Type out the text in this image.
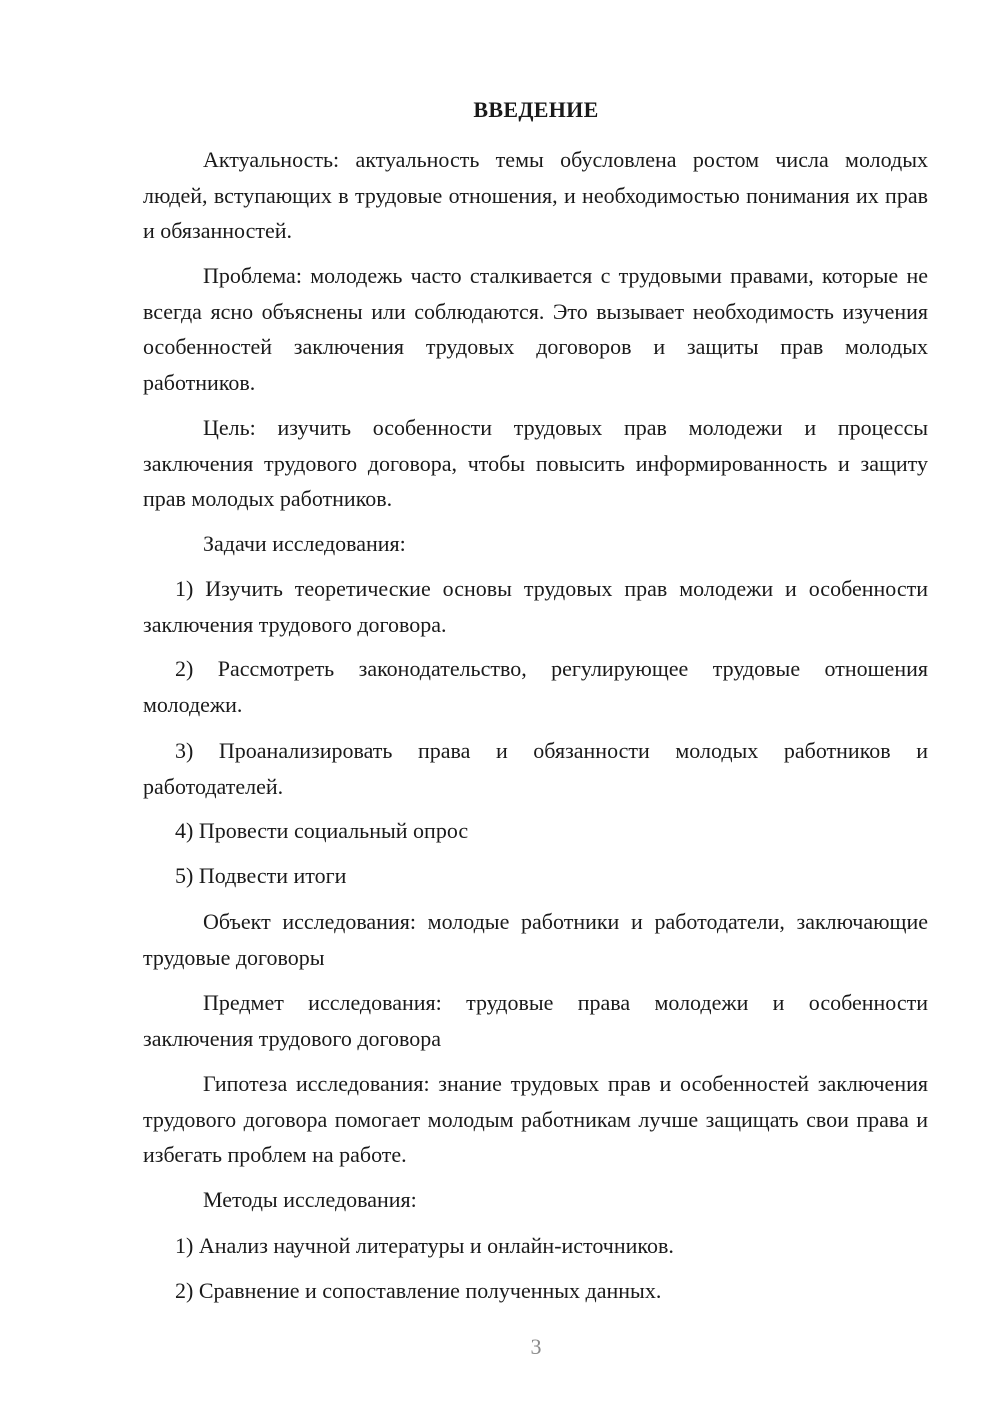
ВВЕДЕНИЕ

Актуальность: актуальность темы обусловлена ростом числа молодых людей, вступающих в трудовые отношения, и необходимостью понимания их прав и обязанностей.

Проблема: молодежь часто сталкивается с трудовыми правами, которые не всегда ясно объяснены или соблюдаются. Это вызывает необходимость изучения особенностей заключения трудовых договоров и защиты прав молодых работников.

Цель: изучить особенности трудовых прав молодежи и процессы заключения трудового договора, чтобы повысить информированность и защиту прав молодых работников.

Задачи исследования:

1) Изучить теоретические основы трудовых прав молодежи и особенности заключения трудового договора.

2) Рассмотреть законодательство, регулирующее трудовые отношения молодежи.

3) Проанализировать права и обязанности молодых работников и работодателей.

4) Провести социальный опрос

5) Подвести итоги

Объект исследования: молодые работники и работодатели, заключающие трудовые договоры

Предмет исследования: трудовые права молодежи и особенности заключения трудового договора

Гипотеза исследования: знание трудовых прав и особенностей заключения трудового договора помогает молодым работникам лучше защищать свои права и избегать проблем на работе.

Методы исследования:

1) Анализ научной литературы и онлайн-источников.

2) Сравнение и сопоставление полученных данных.

3
